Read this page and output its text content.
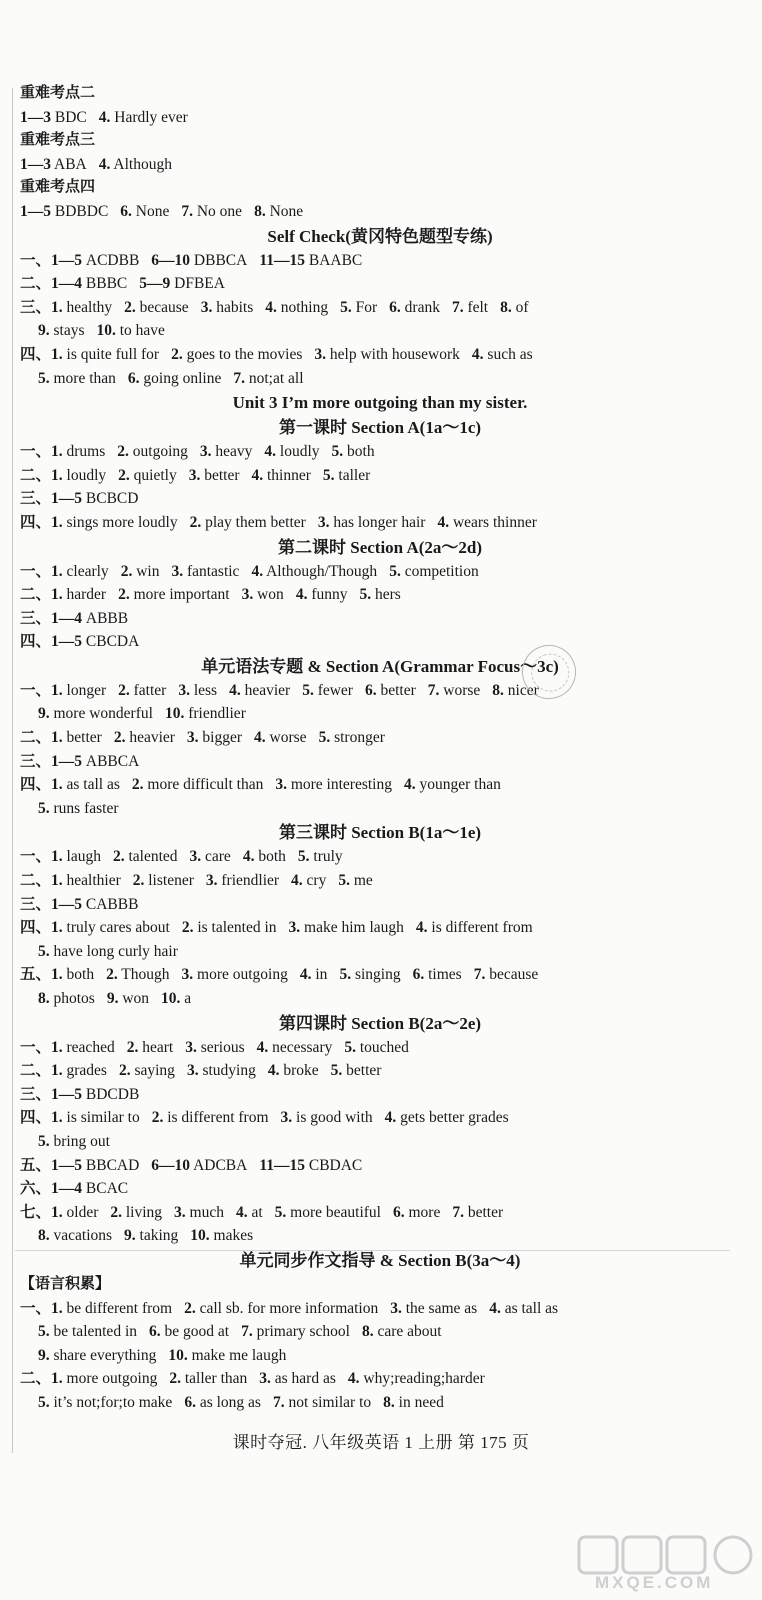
重难考点二
1—3 BDC 4. Hardly ever
重难考点三
1—3 ABA 4. Although
重难考点四
1—5 BDBDC 6. None 7. No one 8. None
Self Check(黄冈特色题型专练)
一、1—5 ACDBB 6—10 DBBCA 11—15 BAABC
二、1—4 BBBC 5—9 DFBEA
三、1. healthy 2. because 3. habits 4. nothing 5. For 6. drank 7. felt 8. of
9. stays 10. to have
四、1. is quite full for 2. goes to the movies 3. help with housework 4. such as
5. more than 6. going online 7. not;at all
Unit 3 I’m more outgoing than my sister.
第一课时 Section A(1a～1c)
一、1. drums 2. outgoing 3. heavy 4. loudly 5. both
二、1. loudly 2. quietly 3. better 4. thinner 5. taller
三、1—5 BCBCD
四、1. sings more loudly 2. play them better 3. has longer hair 4. wears thinner
第二课时 Section A(2a～2d)
一、1. clearly 2. win 3. fantastic 4. Although/Though 5. competition
二、1. harder 2. more important 3. won 4. funny 5. hers
三、1—4 ABBB
四、1—5 CBCDA
单元语法专题 & Section A(Grammar Focus～3c)
一、1. longer 2. fatter 3. less 4. heavier 5. fewer 6. better 7. worse 8. nicer
9. more wonderful 10. friendlier
二、1. better 2. heavier 3. bigger 4. worse 5. stronger
三、1—5 ABBCA
四、1. as tall as 2. more difficult than 3. more interesting 4. younger than
5. runs faster
第三课时 Section B(1a～1e)
一、1. laugh 2. talented 3. care 4. both 5. truly
二、1. healthier 2. listener 3. friendlier 4. cry 5. me
三、1—5 CABBB
四、1. truly cares about 2. is talented in 3. make him laugh 4. is different from
5. have long curly hair
五、1. both 2. Though 3. more outgoing 4. in 5. singing 6. times 7. because
8. photos 9. won 10. a
第四课时 Section B(2a～2e)
一、1. reached 2. heart 3. serious 4. necessary 5. touched
二、1. grades 2. saying 3. studying 4. broke 5. better
三、1—5 BDCDB
四、1. is similar to 2. is different from 3. is good with 4. gets better grades
5. bring out
五、1—5 BBCAD 6—10 ADCBA 11—15 CBDAC
六、1—4 BCAC
七、1. older 2. living 3. much 4. at 5. more beautiful 6. more 7. better
8. vacations 9. taking 10. makes
单元同步作文指导 & Section B(3a～4)
【语言积累】
一、1. be different from 2. call sb. for more information 3. the same as 4. as tall as
5. be talented in 6. be good at 7. primary school 8. care about
9. share everything 10. make me laugh
二、1. more outgoing 2. taller than 3. as hard as 4. why;reading;harder
5. it’s not;for;to make 6. as long as 7. not similar to 8. in need
课时夺冠. 八年级英语 1 上册 第 175 页
MXQE.COM
